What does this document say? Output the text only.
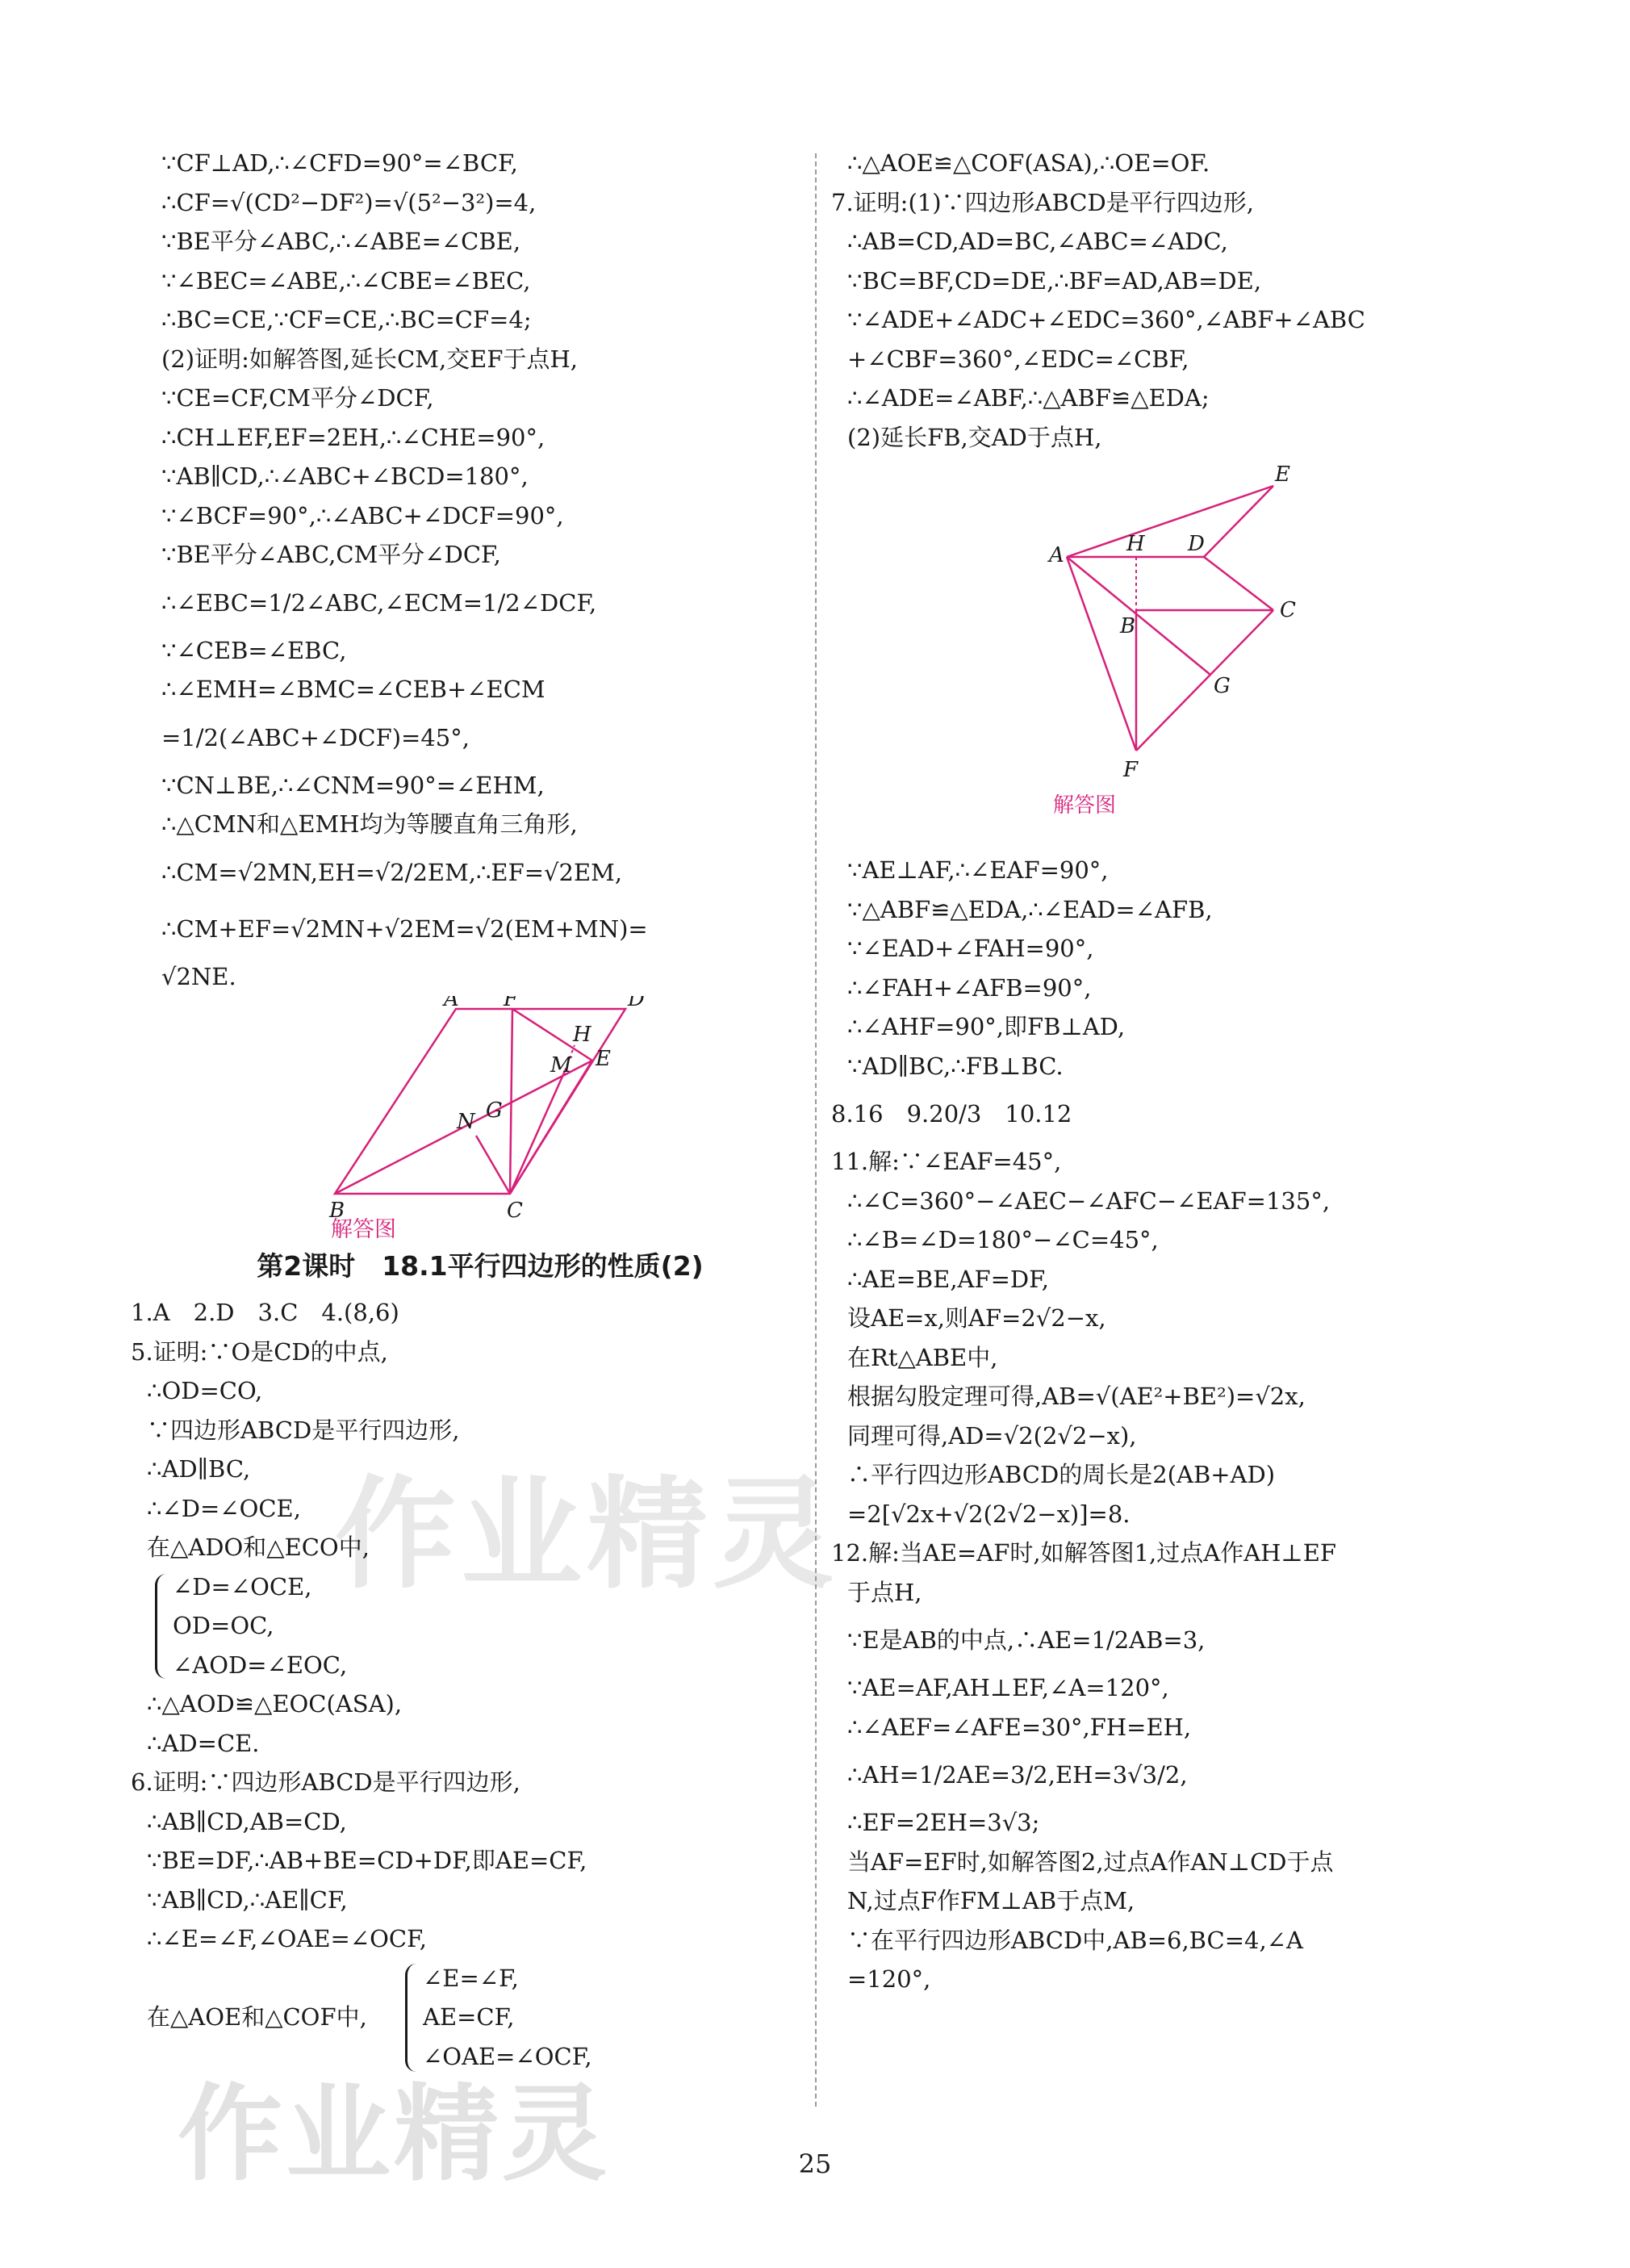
作业精灵
∵CF⊥AD,∴∠CFD=90°=∠BCF,
∴CF=√(CD²−DF²)=√(5²−3²)=4,
∵BE平分∠ABC,∴∠ABE=∠CBE,
∵∠BEC=∠ABE,∴∠CBE=∠BEC,
∴BC=CE,∵CF=CE,∴BC=CF=4;
(2)证明:如解答图,延长CM,交EF于点H,
∵CE=CF,CM平分∠DCF,
∴CH⊥EF,EF=2EH,∴∠CHE=90°,
∵AB∥CD,∴∠ABC+∠BCD=180°,
∵∠BCF=90°,∴∠ABC+∠DCF=90°,
∵BE平分∠ABC,CM平分∠DCF,
∴∠EBC=1/2∠ABC,∠ECM=1/2∠DCF,
∵∠CEB=∠EBC,
∴∠EMH=∠BMC=∠CEB+∠ECM
=1/2(∠ABC+∠DCF)=45°,
∵CN⊥BE,∴∠CNM=90°=∠EHM,
∴△CMN和△EMH均为等腰直角三角形,
∴CM=√2MN,EH=√2/2EM,∴EF=√2EM,
∴CM+EF=√2MN+√2EM=√2(EM+MN)=
√2NE.
A F	D
H
M E
N G
B	C
解答图
第2课时　18.1平行四边形的性质(2)
1.A　2.D　3.C　4.(8,6)
5.证明:∵O是CD的中点,
∴OD=CO,
∵四边形ABCD是平行四边形,
∴AD∥BC,
∴∠D=∠OCE,
在△ADO和△ECO中,
∠D=∠OCE,
OD=OC,
∠AOD=∠EOC,
∴△AOD≌△EOC(ASA),
∴AD=CE.
6.证明:∵四边形ABCD是平行四边形,
∴AB∥CD,AB=CD,
∵BE=DF,∴AB+BE=CD+DF,即AE=CF,
∵AB∥CD,∴AE∥CF,
∴∠E=∠F,∠OAE=∠OCF,
在△AOE和△COF中,
∠E=∠F,
AE=CF,
∠OAE=∠OCF,
∴△AOE≌△COF(ASA),∴OE=OF.
7.证明:(1)∵四边形ABCD是平行四边形,
∴AB=CD,AD=BC,∠ABC=∠ADC,
∵BC=BF,CD=DE,∴BF=AD,AB=DE,
∵∠ADE+∠ADC+∠EDC=360°,∠ABF+∠ABC
+∠CBF=360°,∠EDC=∠CBF,
∴∠ADE=∠ABF,∴△ABF≌△EDA;
(2)延长FB,交AD于点H,
E
A	H D
C
B
G
F
解答图
∵AE⊥AF,∴∠EAF=90°,
∵△ABF≌△EDA,∴∠EAD=∠AFB,
∵∠EAD+∠FAH=90°,
∴∠FAH+∠AFB=90°,
∴∠AHF=90°,即FB⊥AD,
∵AD∥BC,∴FB⊥BC.
8.16　9.20/3　10.12
11.解:∵∠EAF=45°,
∴∠C=360°−∠AEC−∠AFC−∠EAF=135°,
∴∠B=∠D=180°−∠C=45°,
∴AE=BE,AF=DF,
设AE=x,则AF=2√2−x,
在Rt△ABE中,
根据勾股定理可得,AB=√(AE²+BE²)=√2x,
同理可得,AD=√2(2√2−x),
∴平行四边形ABCD的周长是2(AB+AD)
=2[√2x+√2(2√2−x)]=8.
12.解:当AE=AF时,如解答图1,过点A作AH⊥EF
于点H,
∵E是AB的中点,∴AE=1/2AB=3,
∵AE=AF,AH⊥EF,∠A=120°,
∴∠AEF=∠AFE=30°,FH=EH,
∴AH=1/2AE=3/2,EH=3√3/2,
∴EF=2EH=3√3;
当AF=EF时,如解答图2,过点A作AN⊥CD于点
N,过点F作FM⊥AB于点M,
∵在平行四边形ABCD中,AB=6,BC=4,∠A
=120°,
作业精灵	25
